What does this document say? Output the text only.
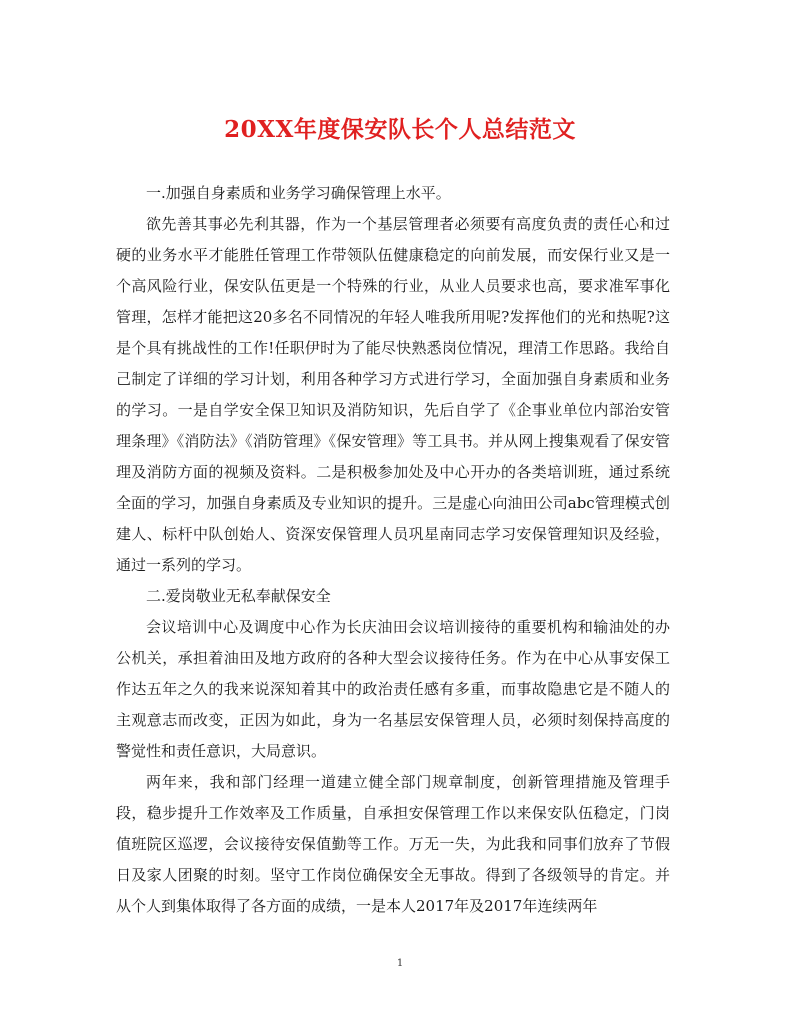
20XX年度保安队长个人总结范文

一.加强自身素质和业务学习确保管理上水平。

欲先善其事必先利其器，作为一个基层管理者必须要有高度负责的责任心和过硬的业务水平才能胜任管理工作带领队伍健康稳定的向前发展，而安保行业又是一个高风险行业，保安队伍更是一个特殊的行业，从业人员要求也高，要求准军事化管理，怎样才能把这20多名不同情况的年轻人唯我所用呢?发挥他们的光和热呢?这是个具有挑战性的工作!任职伊时为了能尽快熟悉岗位情况，理清工作思路。我给自己制定了详细的学习计划，利用各种学习方式进行学习，全面加强自身素质和业务的学习。一是自学安全保卫知识及消防知识，先后自学了《企事业单位内部治安管理条理》《消防法》《消防管理》《保安管理》等工具书。并从网上搜集观看了保安管理及消防方面的视频及资料。二是积极参加处及中心开办的各类培训班，通过系统全面的学习，加强自身素质及专业知识的提升。三是虚心向油田公司abc管理模式创建人、标杆中队创始人、资深安保管理人员巩星南同志学习安保管理知识及经验，通过一系列的学习。

二.爱岗敬业无私奉献保安全

会议培训中心及调度中心作为长庆油田会议培训接待的重要机构和输油处的办公机关，承担着油田及地方政府的各种大型会议接待任务。作为在中心从事安保工作达五年之久的我来说深知着其中的政治责任感有多重，而事故隐患它是不随人的主观意志而改变，正因为如此，身为一名基层安保管理人员，必须时刻保持高度的警觉性和责任意识，大局意识。

两年来，我和部门经理一道建立健全部门规章制度，创新管理措施及管理手段，稳步提升工作效率及工作质量，自承担安保管理工作以来保安队伍稳定，门岗值班院区巡逻，会议接待安保值勤等工作。万无一失，为此我和同事们放弃了节假日及家人团聚的时刻。坚守工作岗位确保安全无事故。得到了各级领导的肯定。并从个人到集体取得了各方面的成绩，一是本人2017年及2017年连续两年

1
